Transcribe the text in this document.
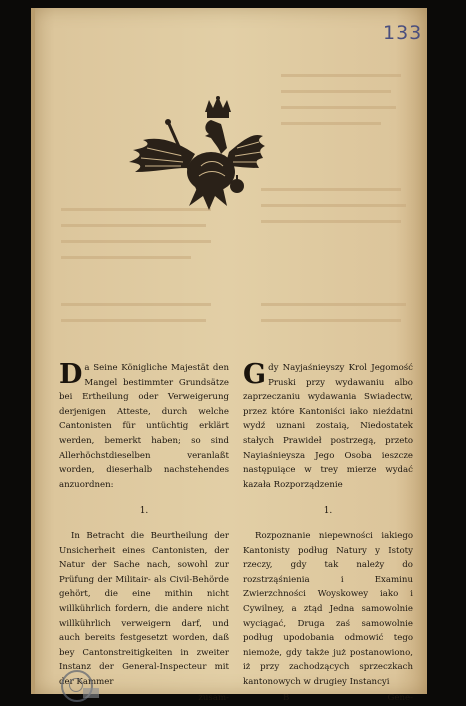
133

Da Seine Königliche Majestät den Mangel bestimmter Grundsätze bei Ertheilung oder Verweigerung derjenigen Atteste, durch welche Cantonisten für untüchtig erklärt werden, bemerkt haben; so sind Allerhöchstdieselben veranlaßt worden, dieserhalb nachstehendes anzuordnen:

1.

In Betracht die Beurtheilung der Unsicherheit eines Cantonisten, der Natur der Sache nach, sowohl zur Prüfung der Militair- als Civil-Behörde gehört, die eine mithin nicht willkührlich fordern, die andere nicht willkührlich verweigern darf, und auch bereits festgesetzt worden, daß bey Cantonstreitigkeiten in zweiter Instanz der General-Inspecteur mit der Kammer

zusam-

Gdy Nayjaśnieyszy Krol Jegomość Pruski przy wydawaniu albo zaprzeczaniu wydawania Swiadectw, przez które Kantoniści iako nieźdatni wydź uznani zostaią, Niedostatek stałych Prawideł postrzegą, przeto Nayiaśnieysza Jego Osoba ieszcze następuiące w trey mierze wydać kazała Rozporządzenie

1.

Rozpoznanie niepewności iakiego Kantonisty podług Natury y Istoty rzeczy, gdy tak należy do rozstrząśnienia i Examinu Zwierzchności Woyskowey iako i Cywilney, a ztąd Jedna samowolnie wyciągać, Druga zaś samowolnie podług upodobania odmowić tego niemoże, gdy także już postanowiono, iż przy zachodzących sprzeczkach kantonowych w drugiey Instancyi

B	Gene-
